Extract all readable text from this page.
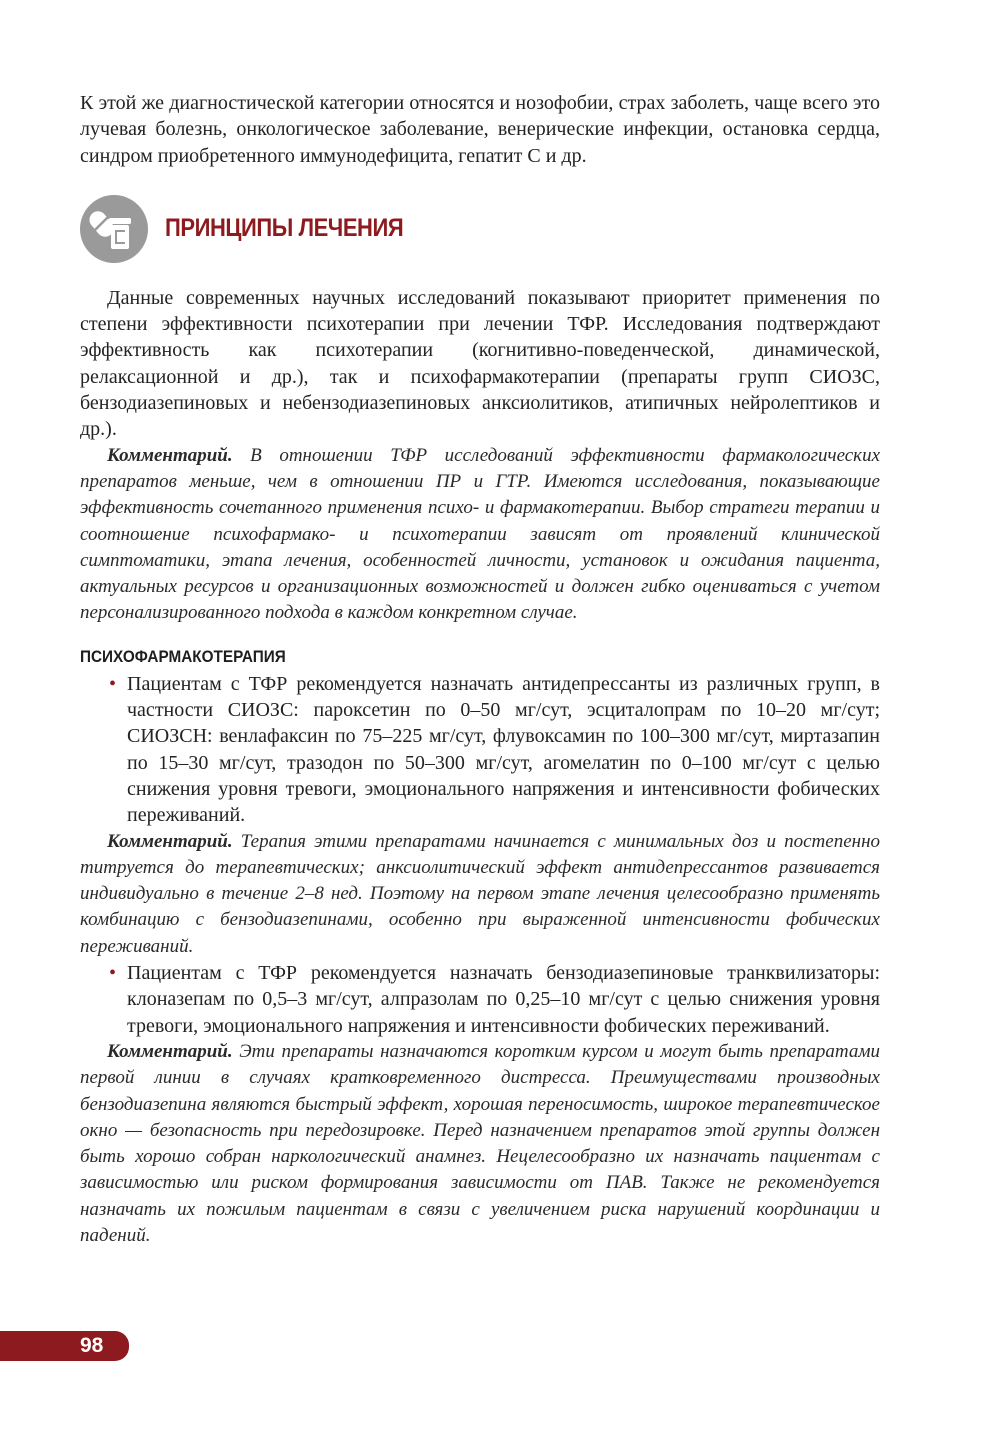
К этой же диагностической категории относятся и нозофобии, страх заболеть, чаще всего это лучевая болезнь, онкологическое заболевание, венерические инфекции, остановка сердца, синдром приобретенного иммунодефицита, гепатит С и др.

ПРИНЦИПЫ ЛЕЧЕНИЯ

Данные современных научных исследований показывают приоритет применения по степени эффективности психотерапии при лечении ТФР. Исследования подтверждают эффективность как психотерапии (когнитивно-поведенческой, динамической, релаксационной и др.), так и психофармакотерапии (препараты групп СИОЗС, бензодиазепиновых и небензодиазепиновых анксиолитиков, атипичных нейролептиков и др.).

Комментарий. В отношении ТФР исследований эффективности фармакологических препаратов меньше, чем в отношении ПР и ГТР. Имеются исследования, показывающие эффективность сочетанного применения психо- и фармакотерапии. Выбор стратеги терапии и соотношение психофармако- и психотерапии зависят от проявлений клинической симптоматики, этапа лечения, особенностей личности, установок и ожидания пациента, актуальных ресурсов и организационных возможностей и должен гибко оцениваться с учетом персонализированного подхода в каждом конкретном случае.

ПСИХОФАРМАКОТЕРАПИЯ
• Пациентам с ТФР рекомендуется назначать антидепрессанты из различных групп, в частности СИОЗС: пароксетин по 0–50 мг/сут, эсциталопрам по 10–20 мг/сут; СИОЗСН: венлафаксин по 75–225 мг/сут, флувоксамин по 100–300 мг/сут, миртазапин по 15–30 мг/сут, тразодон по 50–300 мг/сут, агомелатин по 0–100 мг/сут с целью снижения уровня тревоги, эмоционального напряжения и интенсивности фобических переживаний.

Комментарий. Терапия этими препаратами начинается с минимальных доз и постепенно титруется до терапевтических; анксиолитический эффект антидепрессантов развивается индивидуально в течение 2–8 нед. Поэтому на первом этапе лечения целесообразно применять комбинацию с бензодиазепинами, особенно при выраженной интенсивности фобических переживаний.

• Пациентам с ТФР рекомендуется назначать бензодиазепиновые транквилизаторы: клоназепам по 0,5–3 мг/сут, алпразолам по 0,25–10 мг/сут с целью снижения уровня тревоги, эмоционального напряжения и интенсивности фобических переживаний.

Комментарий. Эти препараты назначаются коротким курсом и могут быть препаратами первой линии в случаях кратковременного дистресса. Преимуществами производных бензодиазепина являются быстрый эффект, хорошая переносимость, широкое терапевтическое окно — безопасность при передозировке. Перед назначением препаратов этой группы должен быть хорошо собран наркологический анамнез. Нецелесообразно их назначать пациентам с зависимостью или риском формирования зависимости от ПАВ. Также не рекомендуется назначать их пожилым пациентам в связи с увеличением риска нарушений координации и падений.

98
